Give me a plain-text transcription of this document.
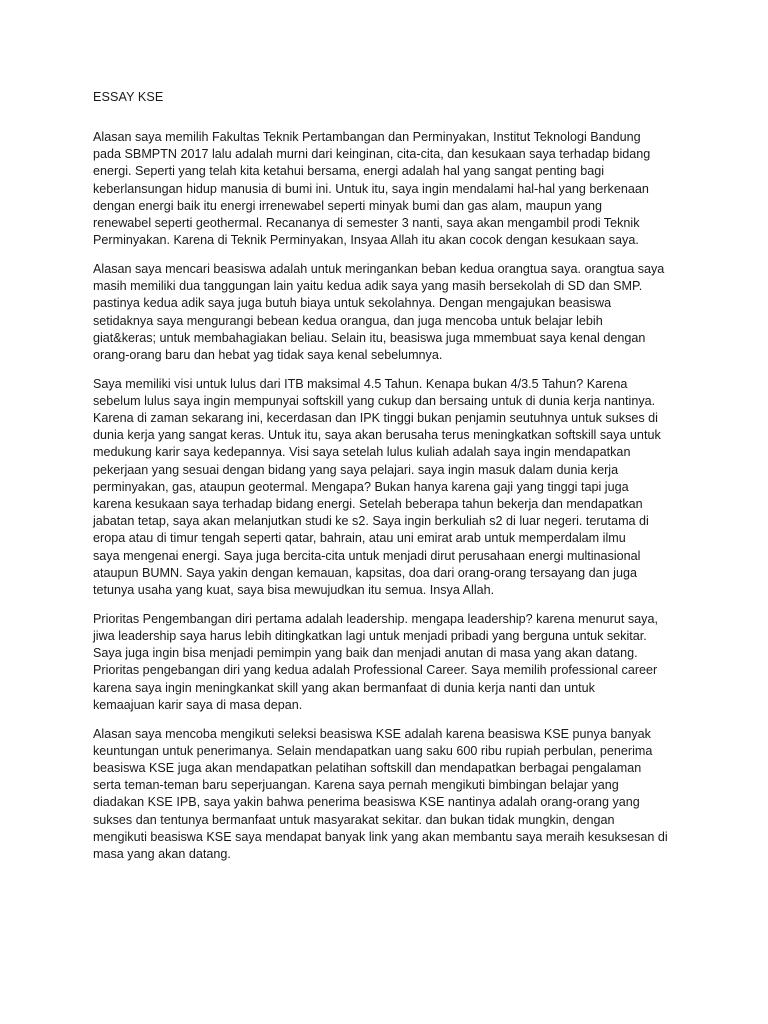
ESSAY KSE

Alasan saya memilih Fakultas Teknik Pertambangan dan Perminyakan, Institut Teknologi Bandung
pada SBMPTN 2017 lalu adalah murni dari keinginan, cita-cita, dan kesukaan saya terhadap bidang
energi. Seperti yang telah kita ketahui bersama, energi adalah hal yang sangat penting bagi
keberlansungan hidup manusia di bumi ini. Untuk itu, saya ingin mendalami hal-hal yang berkenaan
dengan energi baik itu energi irrenewabel seperti minyak bumi dan gas alam, maupun yang
renewabel seperti geothermal. Recananya di semester 3 nanti, saya akan mengambil prodi Teknik
Perminyakan. Karena di Teknik Perminyakan, Insyaa Allah itu akan cocok dengan kesukaan saya.

Alasan saya mencari beasiswa adalah untuk meringankan beban kedua orangtua saya. orangtua saya
masih memiliki dua tanggungan lain yaitu kedua adik saya yang masih bersekolah di SD dan SMP.
pastinya kedua adik saya juga butuh biaya untuk sekolahnya. Dengan mengajukan beasiswa
setidaknya saya mengurangi bebean kedua orangua, dan juga mencoba untuk belajar lebih
giat&keras; untuk membahagiakan beliau. Selain itu, beasiswa juga mmembuat saya kenal dengan
orang-orang baru dan hebat yag tidak saya kenal sebelumnya.

Saya memiliki visi untuk lulus dari ITB maksimal 4.5 Tahun. Kenapa bukan 4/3.5 Tahun? Karena
sebelum lulus saya ingin mempunyai softskill yang cukup dan bersaing untuk di dunia kerja nantinya.
Karena di zaman sekarang ini, kecerdasan dan IPK tinggi bukan penjamin seutuhnya untuk sukses di
dunia kerja yang sangat keras. Untuk itu, saya akan berusaha terus meningkatkan softskill saya untuk
medukung karir saya kedepannya. Visi saya setelah lulus kuliah adalah saya ingin mendapatkan
pekerjaan yang sesuai dengan bidang yang saya pelajari. saya ingin masuk dalam dunia kerja
perminyakan, gas, ataupun geotermal. Mengapa? Bukan hanya karena gaji yang tinggi tapi juga
karena kesukaan saya terhadap bidang energi. Setelah beberapa tahun bekerja dan mendapatkan
jabatan tetap, saya akan melanjutkan studi ke s2. Saya ingin berkuliah s2 di luar negeri. terutama di
eropa atau di timur tengah seperti qatar, bahrain, atau uni emirat arab untuk memperdalam ilmu
saya mengenai energi. Saya juga bercita-cita untuk menjadi dirut perusahaan energi multinasional
ataupun BUMN. Saya yakin dengan kemauan, kapsitas, doa dari orang-orang tersayang dan juga
tetunya usaha yang kuat, saya bisa mewujudkan itu semua. Insya Allah.

Prioritas Pengembangan diri pertama adalah leadership. mengapa leadership? karena menurut saya,
jiwa leadership saya harus lebih ditingkatkan lagi untuk menjadi pribadi yang berguna untuk sekitar.
Saya juga ingin bisa menjadi pemimpin yang baik dan menjadi anutan di masa yang akan datang.
Prioritas pengebangan diri yang kedua adalah Professional Career. Saya memilih professional career
karena saya ingin meningkankat skill yang akan bermanfaat di dunia kerja nanti dan untuk
kemaajuan karir saya di masa depan.

Alasan saya mencoba mengikuti seleksi beasiswa KSE adalah karena beasiswa KSE punya banyak
keuntungan untuk penerimanya. Selain mendapatkan uang saku 600 ribu rupiah perbulan, penerima
beasiswa KSE juga akan mendapatkan pelatihan softskill dan mendapatkan berbagai pengalaman
serta teman-teman baru seperjuangan. Karena saya pernah mengikuti bimbingan belajar yang
diadakan KSE IPB, saya yakin bahwa penerima beasiswa KSE nantinya adalah orang-orang yang
sukses dan tentunya bermanfaat untuk masyarakat sekitar. dan bukan tidak mungkin, dengan
mengikuti beasiswa KSE saya mendapat banyak link yang akan membantu saya meraih kesuksesan di
masa yang akan datang.
